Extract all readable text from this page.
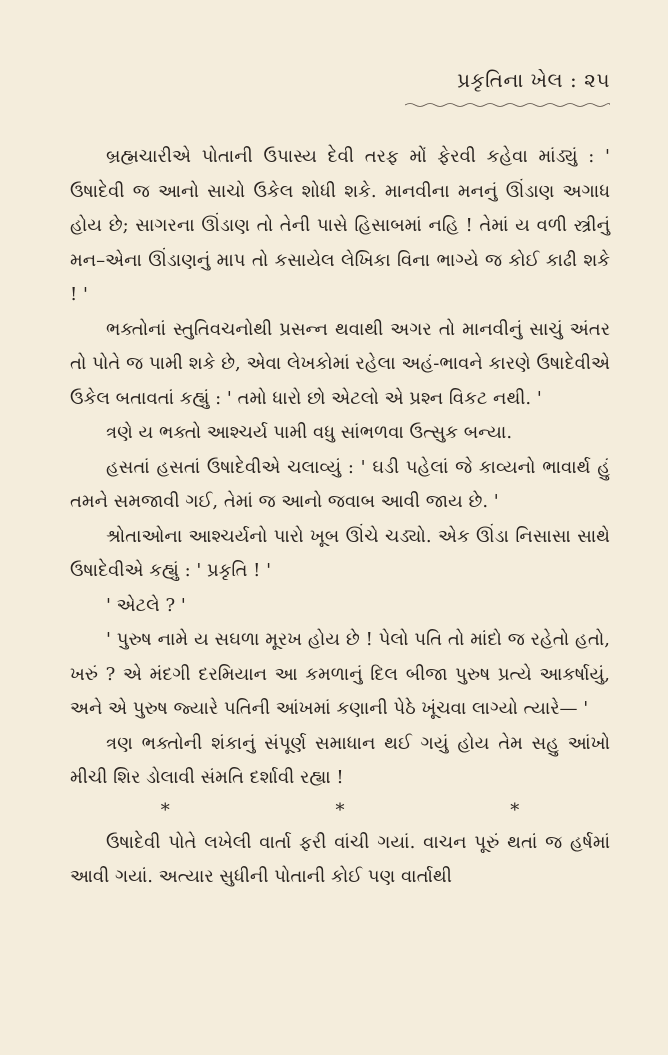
પ્રકૃતિના ખેલ : ૨૫

બ્રહ્મચારીએ પોતાની ઉપાસ્ય દેવી તરફ મોં ફેરવી કહેવા માંડ્યું : ' ઉષાદેવી જ આનો સાચો ઉકેલ શોધી શકે. માનવીના મનનું ઊંડાણ અગાધ હોય છે; સાગરના ઊંડાણ તો તેની પાસે હિસાબમાં નહિ ! તેમાં ય વળી સ્ત્રીનું મન–એના ઊંડાણનું માપ તો કસાયેલ લેખિકા વિના ભાગ્યે જ કોઈ કાઢી શકે ! '

ભક્તોનાં સ્તુતિવચનોથી પ્રસન્ન થવાથી અગર તો માનવીનું સાચું અંતર તો પોતે જ પામી શકે છે, એવા લેખકોમાં રહેલા અહં-ભાવને કારણે ઉષાદેવીએ ઉકેલ બતાવતાં કહ્યું : ' તમો ધારો છો એટલો એ પ્રશ્ન વિકટ નથી. '

ત્રણે ય ભક્તો આશ્ચર્ય પામી વધુ સાંભળવા ઉત્સુક બન્યા.

હસતાં હસતાં ઉષાદેવીએ ચલાવ્યું : ' ઘડી પહેલાં જે કાવ્યનો ભાવાર્થ હું તમને સમજાવી ગઈ, તેમાં જ આનો જવાબ આવી જાય છે. '

શ્રોતાઓના આશ્ચર્યનો પારો ખૂબ ઊંચે ચડ્યો. એક ઊંડા નિસાસા સાથે ઉષાદેવીએ કહ્યું : ' પ્રકૃતિ ! '

' એટલે ? '

' પુરુષ નામે ય સઘળા મૂરખ હોય છે ! પેલો પતિ તો માંદો જ રહેતો હતો, ખરું ? એ મંદગી દરમિયાન આ કમળાનું દિલ બીજા પુરુષ પ્રત્યે આકર્ષાયું, અને એ પુરુષ જ્યારે પતિની આંખમાં કણાની પેઠે ખૂંચવા લાગ્યો ત્યારે— '

ત્રણ ભક્તોની શંકાનું સંપૂર્ણ સમાધાન થઈ ગયું હોય તેમ સહુ આંખો મીચી શિર ડોલાવી સંમતિ દર્શાવી રહ્યા !

* * *

ઉષાદેવી પોતે લખેલી વાર્તા ફરી વાંચી ગયાં. વાચન પૂરું થતાં જ હર્ષમાં આવી ગયાં. અત્યાર સુધીની પોતાની કોઈ પણ વાર્તાથી
